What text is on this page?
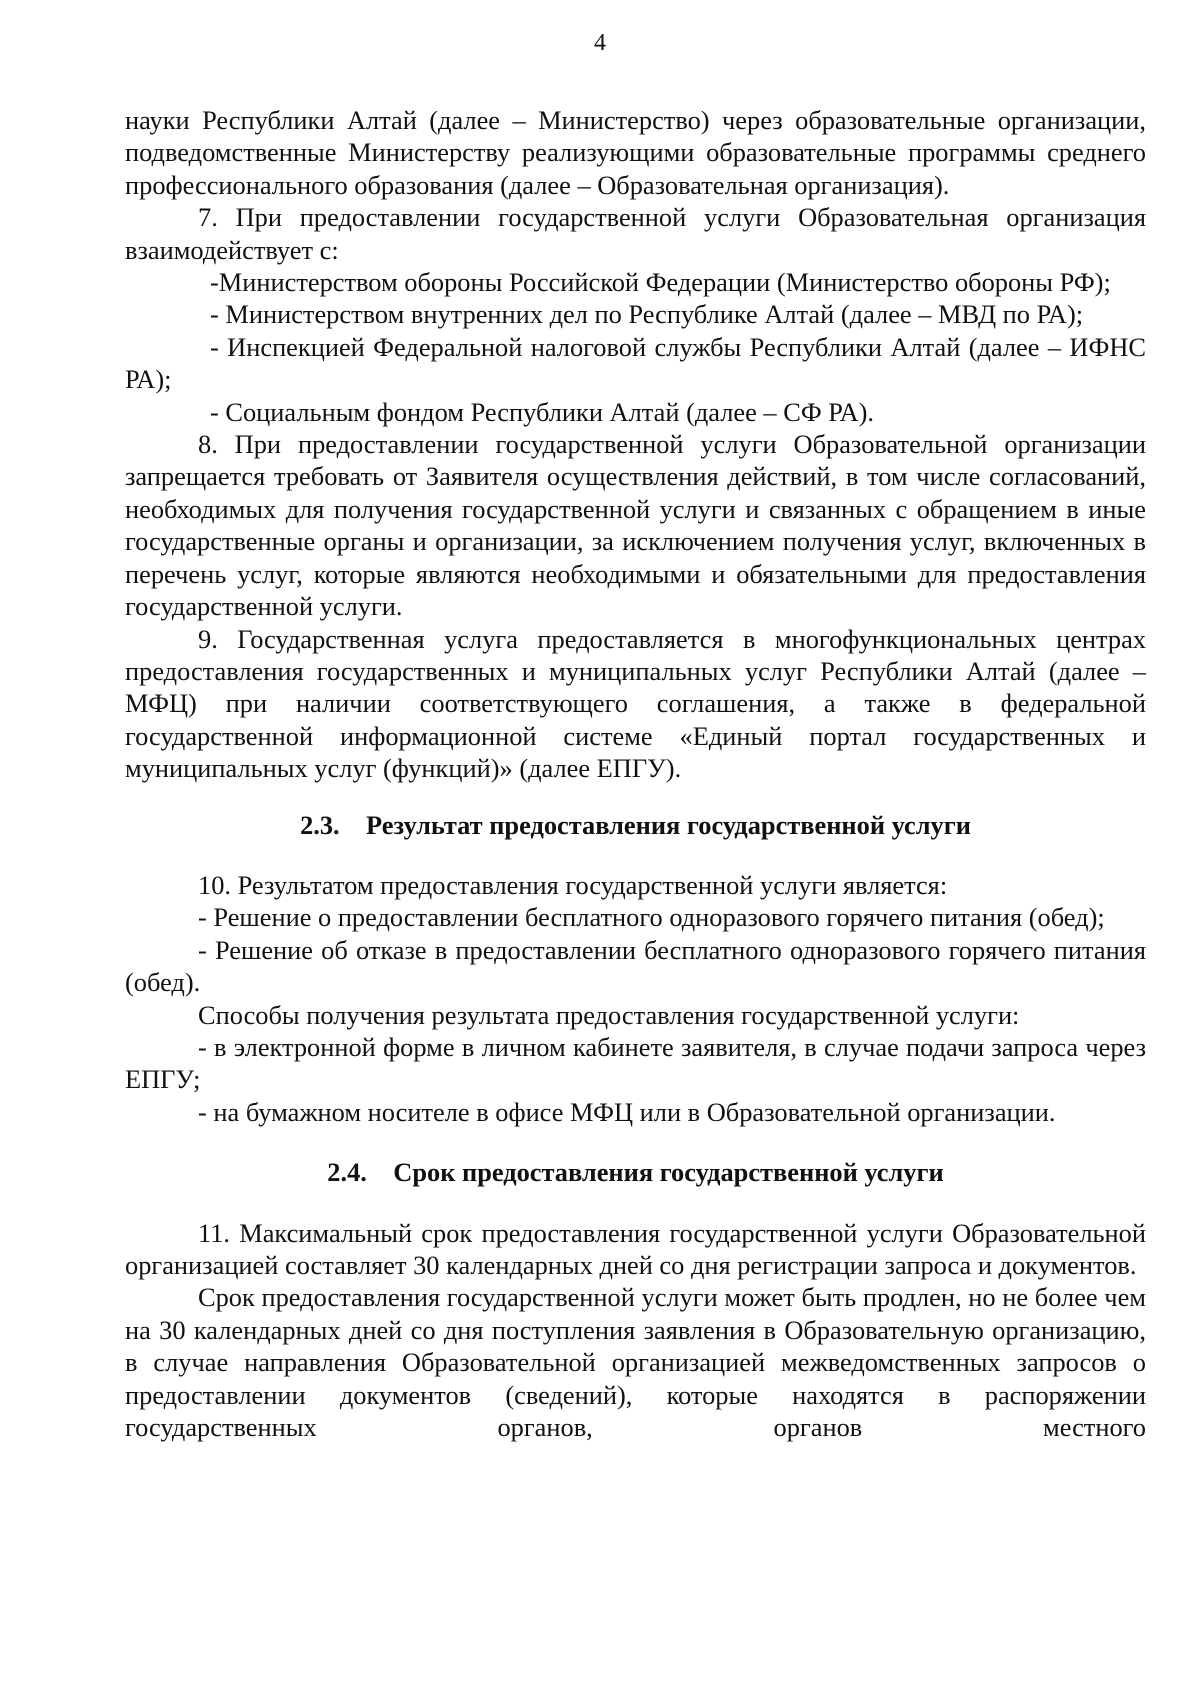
4

науки Республики Алтай (далее – Министерство) через образовательные организации, подведомственные Министерству реализующими образовательные программы среднего профессионального образования (далее – Образовательная организация).

7. При предоставлении государственной услуги Образовательная организация взаимодействует с:

-Министерством обороны Российской Федерации (Министерство обороны РФ);

- Министерством внутренних дел по Республике Алтай (далее – МВД по РА);

- Инспекцией Федеральной налоговой службы Республики Алтай (далее – ИФНС РА);

- Социальным фондом Республики Алтай (далее – СФ РА).

8. При предоставлении государственной услуги Образовательной организации запрещается требовать от Заявителя осуществления действий, в том числе согласований, необходимых для получения государственной услуги и связанных с обращением в иные государственные органы и организации, за исключением получения услуг, включенных в перечень услуг, которые являются необходимыми и обязательными для предоставления государственной услуги.

9. Государственная услуга предоставляется в многофункциональных центрах предоставления государственных и муниципальных услуг Республики Алтай (далее – МФЦ) при наличии соответствующего соглашения, а также в федеральной государственной информационной системе «Единый портал государственных и муниципальных услуг (функций)» (далее ЕПГУ).

2.3.    Результат предоставления государственной услуги

10. Результатом предоставления государственной услуги является:

- Решение о предоставлении бесплатного одноразового горячего питания (обед);

- Решение об отказе в предоставлении бесплатного одноразового горячего питания (обед).

Способы получения результата предоставления государственной услуги:

- в электронной форме в личном кабинете заявителя, в случае подачи запроса через ЕПГУ;

- на бумажном носителе в офисе МФЦ или в Образовательной организации.

2.4.    Срок предоставления государственной услуги

11. Максимальный срок предоставления государственной услуги Образовательной организацией составляет 30 календарных дней со дня регистрации запроса и документов.

Срок предоставления государственной услуги может быть продлен, но не более чем на 30 календарных дней со дня поступления заявления в Образовательную организацию, в случае направления Образовательной организацией межведомственных запросов о предоставлении документов (сведений), которые находятся в распоряжении государственных органов, органов местного
